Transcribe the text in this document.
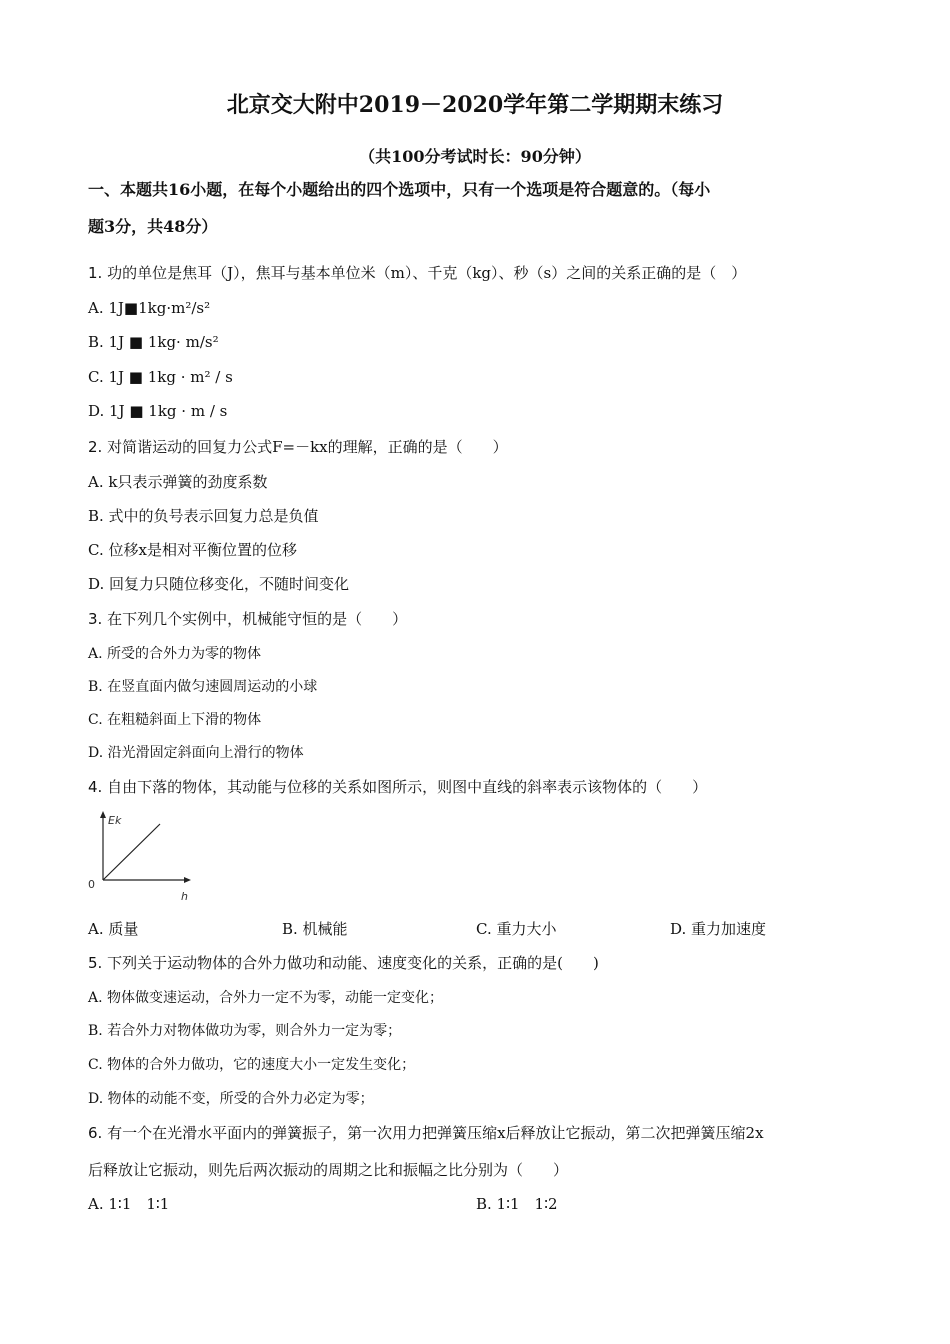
北京交大附中2019－2020学年第二学期期末练习
（共100分考试时长：90分钟）
一、本题共16小题，在每个小题给出的四个选项中，只有一个选项是符合题意的。（每小
题3分，共48分）
1. 功的单位是焦耳（J），焦耳与基本单位米（m）、千克（kg）、秒（s）之间的关系正确的是（　）
A. 1J■1kg·m²/s²
B. 1J ■ 1kg· m/s²
C. 1J ■ 1kg · m² / s
D. 1J ■ 1kg · m / s
2. 对简谐运动的回复力公式F=－kx的理解，正确的是（　　）
A. k只表示弹簧的劲度系数
B. 式中的负号表示回复力总是负值
C. 位移x是相对平衡位置的位移
D. 回复力只随位移变化，不随时间变化
3. 在下列几个实例中，机械能守恒的是（　　）
A. 所受的合外力为零的物体
B. 在竖直面内做匀速圆周运动的小球
C. 在粗糙斜面上下滑的物体
D. 沿光滑固定斜面向上滑行的物体
4. 自由下落的物体，其动能与位移的关系如图所示，则图中直线的斜率表示该物体的（　　）
Ek
0
h
A. 质量	B. 机械能	C. 重力大小	D. 重力加速度
5. 下列关于运动物体的合外力做功和动能、速度变化的关系，正确的是(　　)
A. 物体做变速运动，合外力一定不为零，动能一定变化；
B. 若合外力对物体做功为零，则合外力一定为零；
C. 物体的合外力做功，它的速度大小一定发生变化；
D. 物体的动能不变，所受的合外力必定为零；
6. 有一个在光滑水平面内的弹簧振子，第一次用力把弹簧压缩x后释放让它振动，第二次把弹簧压缩2x
后释放让它振动，则先后两次振动的周期之比和振幅之比分别为（　　）
A. 1∶1　1∶1	B. 1∶1　1∶2
